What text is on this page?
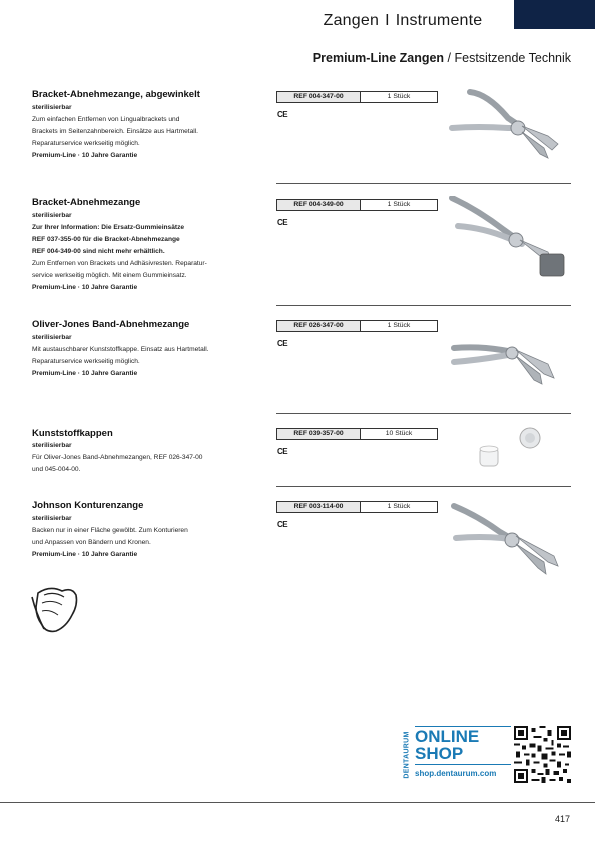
Zangen I Instrumente
Premium-Line Zangen / Festsitzende Technik
Bracket-Abnehmezange, abgewinkelt
sterilisierbar
Zum einfachen Entfernen von Lingualbrackets und
Brackets im Seitenzahnbereich. Einsätze aus Hartmetall.
Reparaturservice werkseitig möglich.
Premium-Line · 10 Jahre Garantie
REF 004-347-00	1 Stück
CE
Bracket-Abnehmezange
sterilisierbar
Zur Ihrer Information: Die Ersatz-Gummieinsätze
REF 037-355-00 für die Bracket-Abnehmezange
REF 004-349-00 sind nicht mehr erhältlich.
Zum Entfernen von Brackets und Adhäsivresten. Reparatur-
service werkseitig möglich. Mit einem Gummieinsatz.
Premium-Line · 10 Jahre Garantie
REF 004-349-00	1 Stück
CE
Oliver-Jones Band-Abnehmezange
sterilisierbar
Mit austauschbarer Kunststoffkappe. Einsatz aus Hartmetall.
Reparaturservice werkseitig möglich.
Premium-Line · 10 Jahre Garantie
REF 026-347-00	1 Stück
CE
Kunststoffkappen
sterilisierbar
Für Oliver-Jones Band-Abnehmezangen, REF 026-347-00
und 045-004-00.
REF 039-357-00	10 Stück
CE
Johnson Konturenzange
sterilisierbar
Backen nur in einer Fläche gewölbt. Zum Konturieren
und Anpassen von Bändern und Kronen.
Premium-Line · 10 Jahre Garantie
REF 003-114-00	1 Stück
CE
DENTAURUM ONLINE
SHOP
shop.dentaurum.com
417
